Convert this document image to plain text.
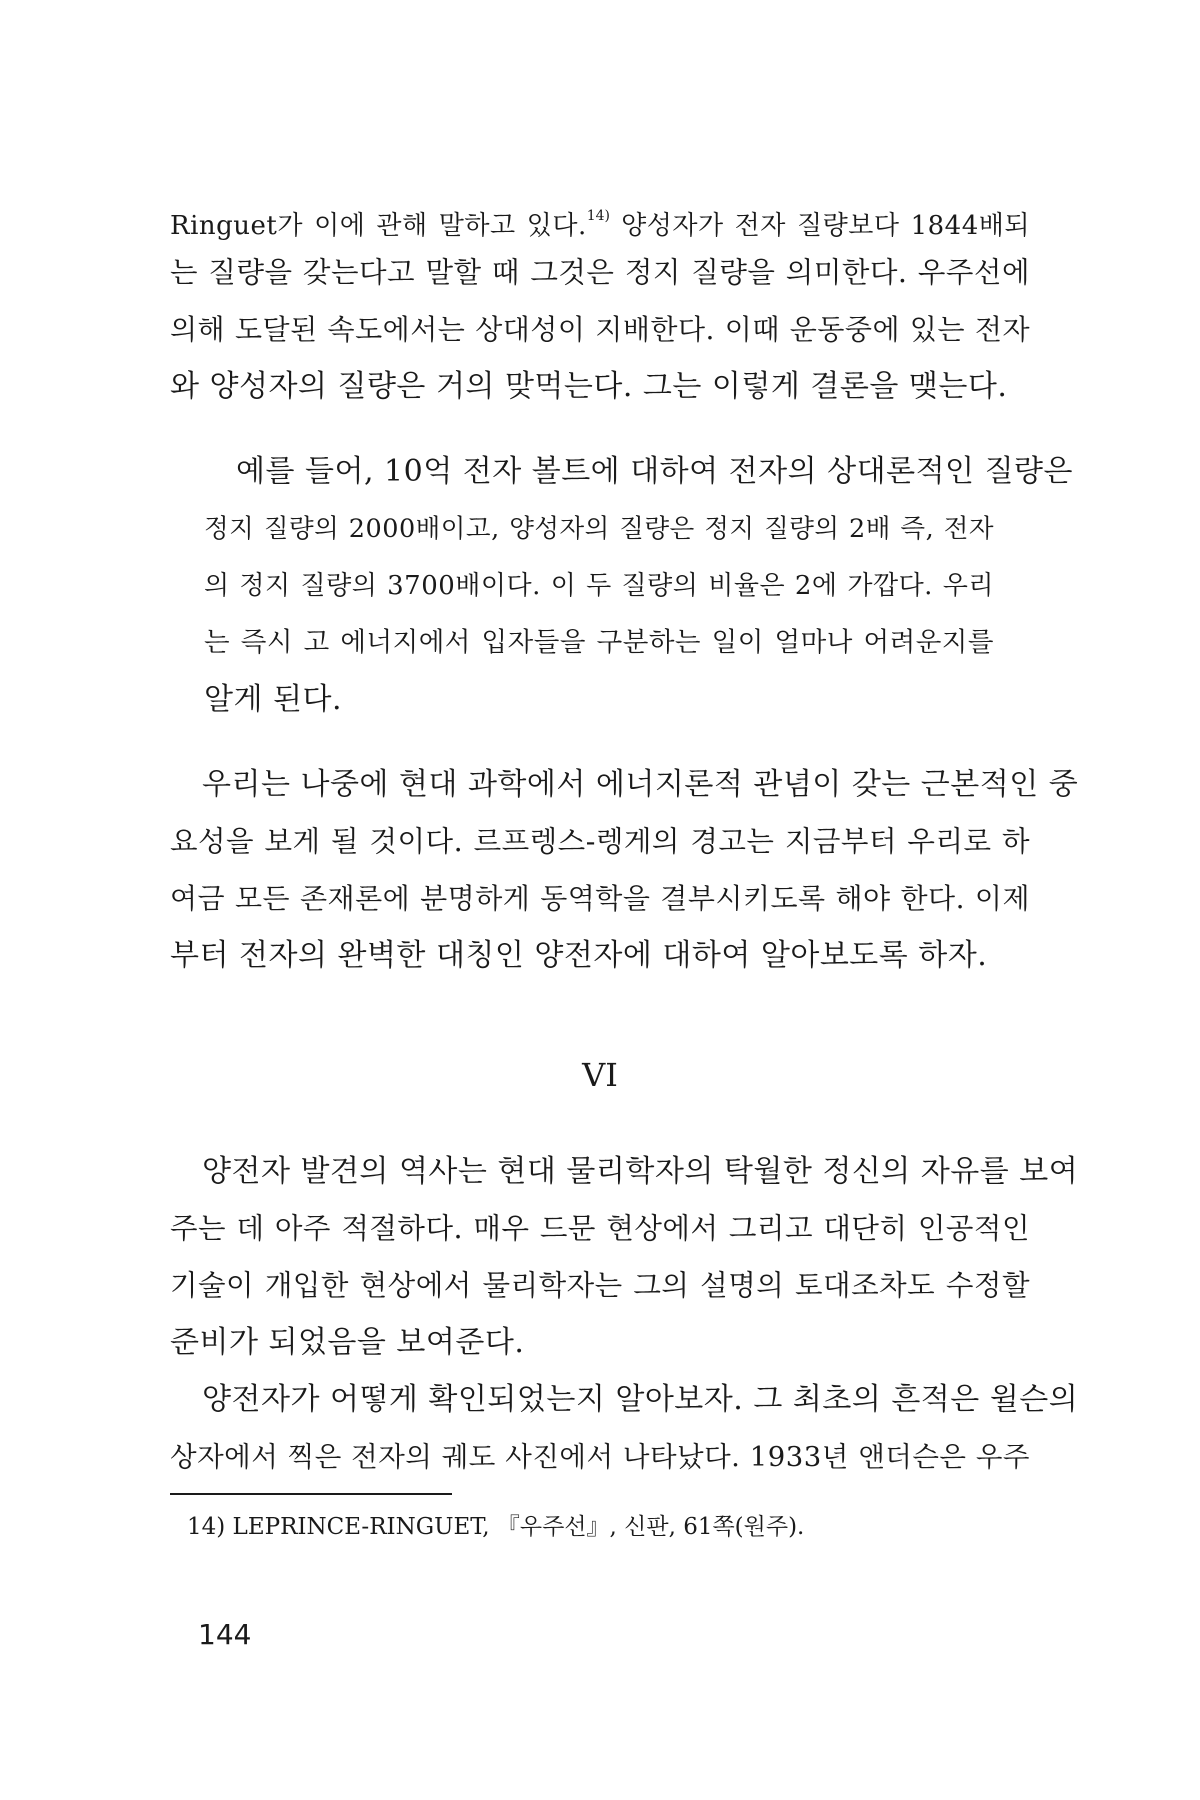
Ringuet가 이에 관해 말하고 있다.$^{14)}$ 양성자가 전자 질량보다 1844배되
는 질량을 갖는다고 말할 때 그것은 정지 질량을 의미한다. 우주선에
의해 도달된 속도에서는 상대성이 지배한다. 이때 운동중에 있는 전자
와 양성자의 질량은 거의 맞먹는다. 그는 이렇게 결론을 맺는다.
예를 들어, 10억 전자 볼트에 대하여 전자의 상대론적인 질량은
정지 질량의 2000배이고, 양성자의 질량은 정지 질량의 2배 즉, 전자
의 정지 질량의 3700배이다. 이 두 질량의 비율은 2에 가깝다. 우리
는 즉시 고 에너지에서 입자들을 구분하는 일이 얼마나 어려운지를
알게 된다.
우리는 나중에 현대 과학에서 에너지론적 관념이 갖는 근본적인 중
요성을 보게 될 것이다. 르프렝스-렝게의 경고는 지금부터 우리로 하
여금 모든 존재론에 분명하게 동역학을 결부시키도록 해야 한다. 이제
부터 전자의 완벽한 대칭인 양전자에 대하여 알아보도록 하자.
VI
양전자 발견의 역사는 현대 물리학자의 탁월한 정신의 자유를 보여
주는 데 아주 적절하다. 매우 드문 현상에서 그리고 대단히 인공적인
기술이 개입한 현상에서 물리학자는 그의 설명의 토대조차도 수정할
준비가 되었음을 보여준다.
양전자가 어떻게 확인되었는지 알아보자. 그 최초의 흔적은 윌슨의
상자에서 찍은 전자의 궤도 사진에서 나타났다. 1933년 앤더슨은 우주
14) LEPRINCE-RINGUET, 『우주선』, 신판, 61쪽(원주).
144
